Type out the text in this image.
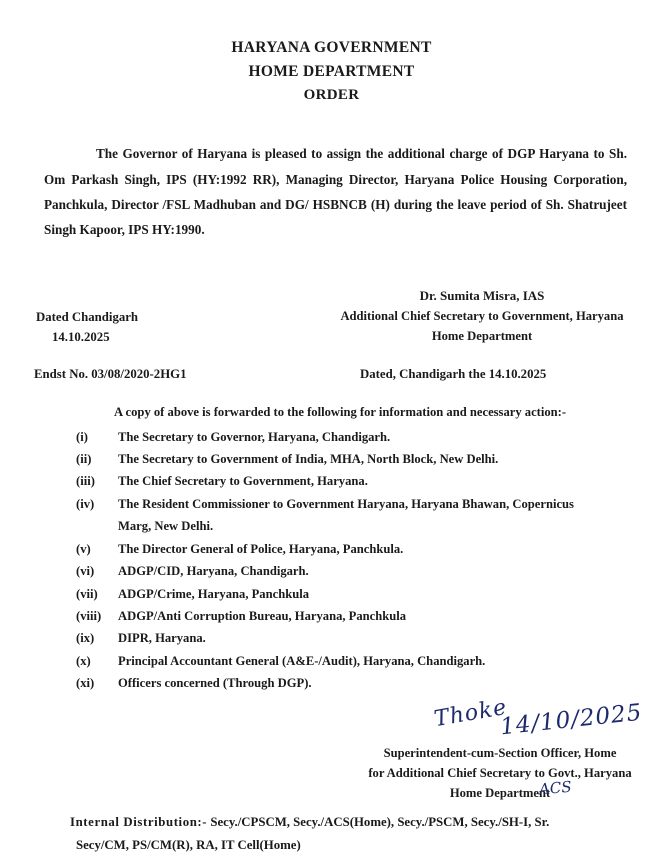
HARYANA GOVERNMENT
HOME DEPARTMENT
ORDER
The Governor of Haryana is pleased to assign the additional charge of DGP Haryana to Sh. Om Parkash Singh, IPS (HY:1992 RR), Managing Director, Haryana Police Housing Corporation, Panchkula, Director /FSL Madhuban and DG/ HSBNCB (H) during the leave period of Sh. Shatrujeet Singh Kapoor, IPS HY:1990.
Dr. Sumita Misra, IAS
Additional Chief Secretary to Government, Haryana
Home Department
Dated Chandigarh
14.10.2025
Endst No. 03/08/2020-2HG1	Dated, Chandigarh the 14.10.2025
A copy of above is forwarded to the following for information and necessary action:-
(i)	The Secretary to Governor, Haryana, Chandigarh.
(ii)	The Secretary to Government of India, MHA, North Block, New Delhi.
(iii)	The Chief Secretary to Government, Haryana.
(iv)	The Resident Commissioner to Government Haryana, Haryana Bhawan, Copernicus
Marg, New Delhi.
(v)	The Director General of Police, Haryana, Panchkula.
(vi)	ADGP/CID, Haryana, Chandigarh.
(vii)	ADGP/Crime, Haryana, Panchkula
(viii)	ADGP/Anti Corruption Bureau, Haryana, Panchkula
(ix)	DIPR, Haryana.
(x)	Principal Accountant General (A&E-/Audit), Haryana, Chandigarh.
(xi)	Officers concerned (Through DGP).
Thoke
14/10/2025
Superintendent-cum-Section Officer, Home
for Additional Chief Secretary to Govt., Haryana
Home Department
ACS
Internal Distribution:- Secy./CPSCM, Secy./ACS(Home), Secy./PSCM, Secy./SH-I, Sr.
Secy/CM, PS/CM(R), RA, IT Cell(Home)
